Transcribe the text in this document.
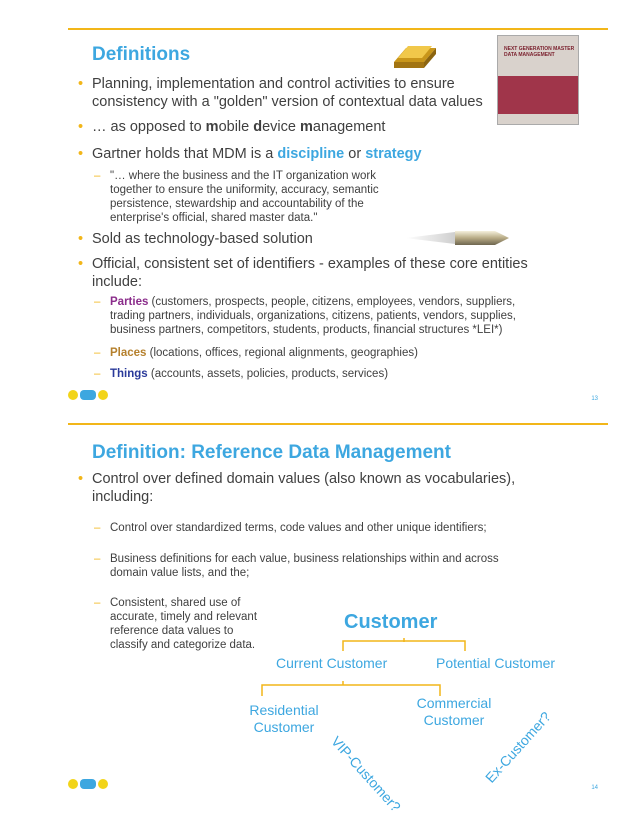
Definitions	NEXT GENERATION MASTER DATA MANAGEMENT
• Planning, implementation and control activities to ensure consistency with a "golden" version of contextual data values
• … as opposed to mobile device management
• Gartner holds that MDM is a discipline or strategy
– "… where the business and the IT organization work together to ensure the uniformity, accuracy, semantic persistence, stewardship and accountability of the enterprise's official, shared master data."
• Sold as technology-based solution
• Official, consistent set of identifiers - examples of these core entities include:
– Parties (customers, prospects, people, citizens, employees, vendors, suppliers, trading partners, individuals, organizations, citizens, patients, vendors, supplies, business partners, competitors, students, products, financial structures *LEI*)
– Places (locations, offices, regional alignments, geographies)
– Things (accounts, assets, policies, products, services)
13
Definition: Reference Data Management
• Control over defined domain values (also known as vocabularies), including:
– Control over standardized terms, code values and other unique identifiers;
– Business definitions for each value, business relationships within and across domain value lists, and the;
– Consistent, shared use of accurate, timely and relevant reference data values to classify and categorize data.
Customer
Current Customer	Potential Customer
Residential Customer
Commercial Customer
VIP-Customer?	Ex-Customer?
14
